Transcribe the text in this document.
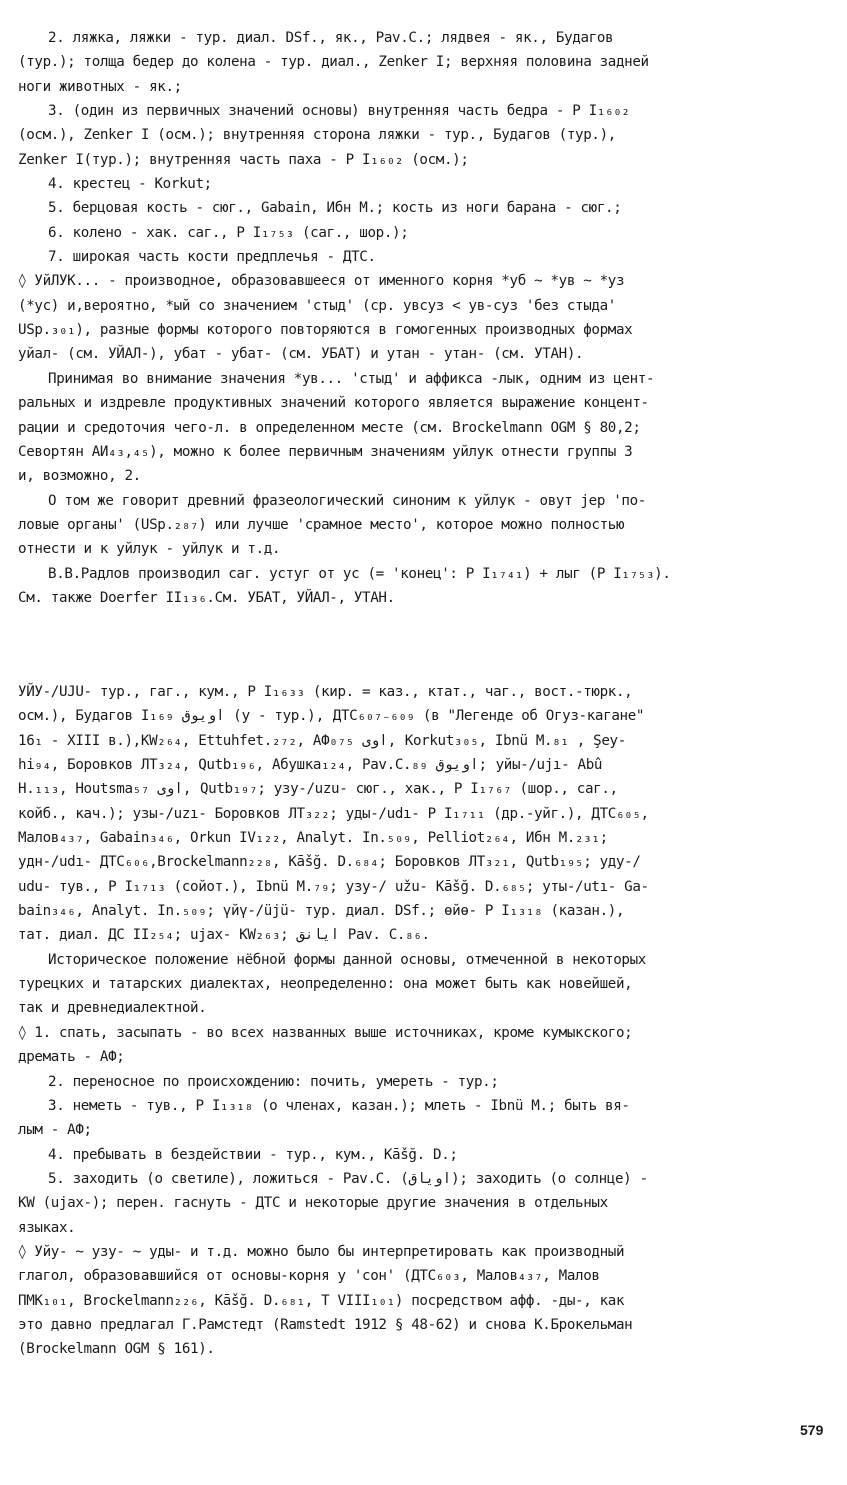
2. ляжка, ляжки - тур. диал. DSf., як., Pav.C.; лядвея - як., Будагов
(тур.); толща бедер до колена - тур. диал., Zenker I; верхняя половина задней
ноги животных - як.;
3. (один из первичных значений основы) внутренняя часть бедра - Р I₁₆₀₂
(осм.), Zenker I (осм.); внутренняя сторона ляжки - тур., Будагов (тур.),
Zenker I(тур.); внутренняя часть паха - Р I₁₆₀₂ (осм.);
4. крестец - Korkut;
5. берцовая кость - сюг., Gabain, Ибн М.; кость из ноги барана - сюг.;
6. колено - хак. саг., Р I₁₇₅₃ (саг., шор.);
7. широкая часть кости предплечья - ДТС.
◊ УйЛУК... - производное, образовавшееся от именного корня *уб ~ *ув ~ *уз
(*ус) и,вероятно, *ый со значением 'стыд' (ср. увсуз < ув-суз 'без стыда'
USp.₃₀₁), разные формы которого повторяются в гомогенных производных формах
уйал- (см. УЙАЛ-), убат - убат- (см. УБАТ) и утан - утан- (см. УТАН).
Принимая во внимание значения *ув... 'стыд' и аффикса -лык, одним из цент-
ральных и издревле продуктивных значений которого является выражение концент-
рации и средоточия чего-л. в определенном месте (см. Brockelmann OGM § 80,2;
Севортян АИ₄₃,₄₅), можно к более первичным значениям уйлук отнести группы 3
и, возможно, 2.
О том же говорит древний фразеологический синоним к уйлук - овут јер 'по-
ловые органы' (USp.₂₈₇) или лучше 'срамное место', которое можно полностью
отнести и к уйлук - уйлук и т.д.
В.В.Радлов производил саг. устуг от ус (= 'конец': Р I₁₇₄₁) + лыг (Р I₁₇₅₃).
См. также Doerfer II₁₃₆.См. УБАТ, УЙАЛ-, УТАН.
УЙУ-/UJU- тур., гаг., кум., Р I₁₆₃₃ (кир. = каз., ктат., чаг., вост.-тюрк.,
осм.), Будагов I₁₆₉ اویوق (у - тур.), ДТС₆₀₇₋₆₀₉ (в "Легенде об Огуз-кагане"
16₁ - XIII в.),KW₂₆₄, Ettuhfet.₂₇₂, АФ₀₇₅ اوی, Korkut₃₀₅, Ibnü M.₈₁ , Şey-
hi₉₄, Боровков ЛТ₃₂₄, Qutb₁₉₆, Абушка₁₂₄, Pav.C.₈₉ اویوق; уйы-/ujı- Abû
H.₁₁₃, Houtsma₅₇ اوی, Qutb₁₉₇; узу-/uzu- сюг., хак., Р I₁₇₆₇ (шор., саг.,
койб., кач.); узы-/uzı- Боровков ЛТ₃₂₂; уды-/udı- Р I₁₇₁₁ (др.-уйг.), ДТС₆₀₅,
Малов₄₃₇, Gabain₃₄₆, Orkun IV₁₂₂, Analyt. In.₅₀₉, Pelliot₂₆₄, Ибн М.₂₃₁;
удн-/udı- ДТС₆₀₆,Brockelmann₂₂₈, Kāšğ. D.₆₈₄; Боровков ЛТ₃₂₁, Qutb₁₉₅; уду-/
udu- тув., Р I₁₇₁₃ (сойот.), Ibnü M.₇₉; узу-/ užu- Kāšğ. D.₆₈₅; уты-/utı- Ga-
bain₃₄₆, Analyt. In.₅₀₉; үйү-/üjü- тур. диал. DSf.; өйө- Р I₁₃₁₈ (казан.),
тат. диал. ДС II₂₅₄; ujax- KW₂₆₃; ایانق Pav. C.₈₆.
Историческое положение нёбной формы данной основы, отмеченной в некоторых
турецких и татарских диалектах, неопределенно: она может быть как новейшей,
так и древнедиалектной.
◊ 1. спать, засыпать - во всех названных выше источниках, кроме кумыкского;
дремать - АФ;
2. переносное по происхождению: почить, умереть - тур.;
3. неметь - тув., Р I₁₃₁₈ (о членах, казан.); млеть - Ibnü M.; быть вя-
лым - АФ;
4. пребывать в бездействии - тур., кум., Kāšğ. D.;
5. заходить (о светиле), ложиться - Pav.C. (اویاق); заходить (о солнце) -
KW (ujax-); перен. гаснуть - ДТС и некоторые другие значения в отдельных
языках.
◊ Уйу- ~ узу- ~ уды- и т.д. можно было бы интерпретировать как производный
глагол, образовавшийся от основы-корня у 'сон' (ДТС₆₀₃, Малов₄₃₇, Малов
ПМК₁₀₁, Brockelmann₂₂₆, Kāšğ. D.₆₈₁, Т VIII₁₀₁) посредством афф. -ды-, как
это давно предлагал Г.Рамстедт (Ramstedt 1912 § 48-62) и снова К.Брокельман
(Brockelmann OGM § 161).
579
